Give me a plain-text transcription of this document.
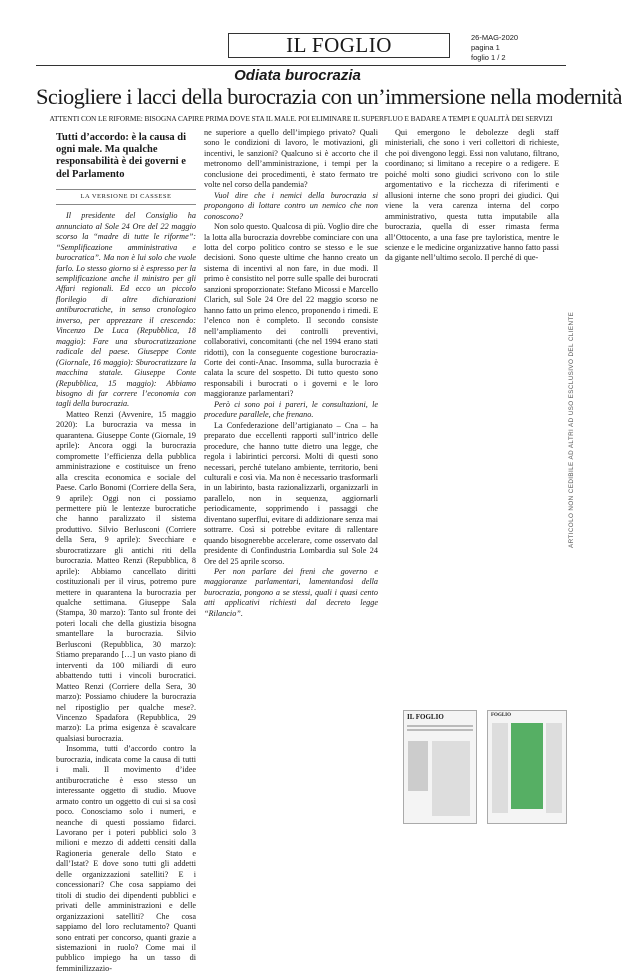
IL FOGLIO	26-MAG-2020
pagina 1
foglio 1 / 2
Odiata burocrazia
Sciogliere i lacci della burocrazia con un’immersione nella modernità
ATTENTI CON LE RIFORME: BISOGNA CAPIRE PRIMA DOVE STA IL MALE. POI ELIMINARE IL SUPERFLUO E BADARE A TEMPI E QUALITÀ DEI SERVIZI

Tutti d’accordo: è la causa di ogni male. Ma qualche responsabilità è dei governi e del Parlamento

LA VERSIONE DI CASSESE

Il presidente del Consiglio ha annunciato al Sole 24 Ore del 22 maggio scorso la “madre di tutte le riforme”: “Semplificazione amministrativa e burocratica”. Ma non è lui solo che vuole farlo. Lo stesso giorno si è espresso per la semplificazione anche il ministro per gli Affari regionali. Ed ecco un piccolo florilegio di altre dichiarazioni antiburocratiche, in senso cronologico inverso, per apprezzare il crescendo: Vincenzo De Luca (Repubblica, 18 maggio): Fare una sburocratizzazione radicale del paese. Giuseppe Conte (Giornale, 16 maggio): Sburocratizzare la macchina statale. Giuseppe Conte (Repubblica, 15 maggio): Abbiamo bisogno di far correre l’economia con tagli della burocrazia.

Matteo Renzi (Avvenire, 15 maggio 2020): La burocrazia va messa in quarantena. Giuseppe Conte (Giornale, 19 aprile): Ancora oggi la burocrazia compromette l’efficienza della pubblica amministrazione e costituisce un freno alla crescita economica e sociale del Paese. Carlo Bonomi (Corriere della Sera, 9 aprile): Oggi non ci possiamo permettere più le lentezze burocratiche che hanno paralizzato il sistema produttivo. Silvio Berlusconi (Corriere della Sera, 9 aprile): Svecchiare e sburocratizzare gli antichi riti della burocrazia. Matteo Renzi (Repubblica, 8 aprile): Abbiamo cancellato diritti costituzionali per il virus, potremo pure mettere in quarantena la burocrazia per qualche settimana. Giuseppe Sala (Stampa, 30 marzo): Tanto sul fronte dei poteri locali che della giustizia bisogna smantellare la burocrazia. Silvio Berlusconi (Repubblica, 30 marzo): Stiamo preparando […] un vasto piano di interventi da 100 miliardi di euro abbattendo tutti i vincoli burocratici. Matteo Renzi (Corriere della Sera, 30 marzo): Possiamo chiudere la burocrazia nel ripostiglio per qualche mese?. Vincenzo Spadafora (Repubblica, 29 marzo): La prima esigenza è scavalcare qualsiasi burocrazia.

Insomma, tutti d’accordo contro la burocrazia, indicata come la causa di tutti i mali. Il movimento d’idee antiburocratiche è esso stesso un interessante oggetto di studio. Muove armato contro un oggetto di cui si sa così poco. Conosciamo solo i numeri, e neanche di questi possiamo fidarci. Lavorano per i poteri pubblici solo 3 milioni e mezzo di addetti censiti dalla Ragioneria generale dello Stato e dall’Istat? E dove sono tutti gli addetti delle organizzazioni satelliti? E i concessionari? Che cosa sappiamo dei titoli di studio dei dipendenti pubblici e privati delle amministrazioni e delle organizzazioni satelliti? Che cosa sappiamo del loro reclutamento? Quanti sono entrati per concorso, quanti grazie a sistemazioni in ruolo? Come mai il pubblico impiego ha un tasso di femminilizzazio-

ne superiore a quello dell’impiego privato? Quali sono le condizioni di lavoro, le motivazioni, gli incentivi, le sanzioni? Qualcuno si è accorto che il metronomo dell’amministrazione, i tempi per la conclusione dei procedimenti, è stato fermato tre volte nel corso della pandemia?

Vuol dire che i nemici della burocrazia si propongono di lottare contro un nemico che non conoscono?

Non solo questo. Qualcosa di più. Voglio dire che la lotta alla burocrazia dovrebbe cominciare con una lotta del corpo politico contro se stesso e le sue decisioni. Sono queste ultime che hanno creato un sistema di incentivi al non fare, in due modi. Il primo è consistito nel porre sulle spalle dei burocrati sanzioni sproporzionate: Stefano Micossi e Marcello Clarich, sul Sole 24 Ore del 22 maggio scorso ne hanno fatto un primo elenco, proponendo i rimedi. E l’elenco non è completo. Il secondo consiste nell’ampliamento dei controlli preventivi, collaborativi, concomitanti (che nel 1994 erano stati ridotti), con la conseguente cogestione burocrazia-Corte dei conti-Anac. Insomma, sulla burocrazia è calata la scure del sospetto. Di tutto questo sono responsabili i burocrati o i governi e le loro maggioranze parlamentari?

Però ci sono poi i pareri, le consultazioni, le procedure parallele, che frenano.

La Confederazione dell’artigianato – Cna – ha preparato due eccellenti rapporti sull’intrico delle procedure, che hanno tutte dietro una legge, che regola i labirintici percorsi. Molti di questi sono necessari, perché tutelano ambiente, territorio, beni culturali e così via. Ma non è necessario trasformarli in un labirinto, basta razionalizzarli, organizzarli in parallelo, non in sequenza, aggiornarli periodicamente, sopprimendo i passaggi che diventano superflui, evitare di addizionare senza mai sottrarre. Così si potrebbe evitare di rallentare quando bisognerebbe accelerare, come osservato dal presidente di Confindustria Lombardia sul Sole 24 Ore del 25 aprile scorso.

Per non parlare dei freni che governo e maggioranze parlamentari, lamentandosi della burocrazia, pongono a se stessi, quali i quasi cento atti applicativi richiesti dal decreto legge “Rilancio”.

Qui emergono le debolezze degli staff ministeriali, che sono i veri collettori di richieste, che poi divengono leggi. Essi non valutano, filtrano, coordinano; si limitano a recepire o a redigere. E poiché molti sono giudici scrivono con lo stile argomentativo e la ricchezza di riferimenti e allusioni interne che sono propri dei giudici. Qui viene la vera carenza interna del corpo amministrativo, questa tutta imputabile alla burocrazia, quella di esser rimasta ferma all’Ottocento, a una fase pre tayloristica, mentre le scienze e le medicine organizzative hanno fatto passi da gigante nell’ultimo secolo. Il perché di que-

ARTICOLO NON CEDIBILE AD ALTRI AD USO ESCLUSIVO DEL CLIENTE
IL FOGLIO	FOGLIO
